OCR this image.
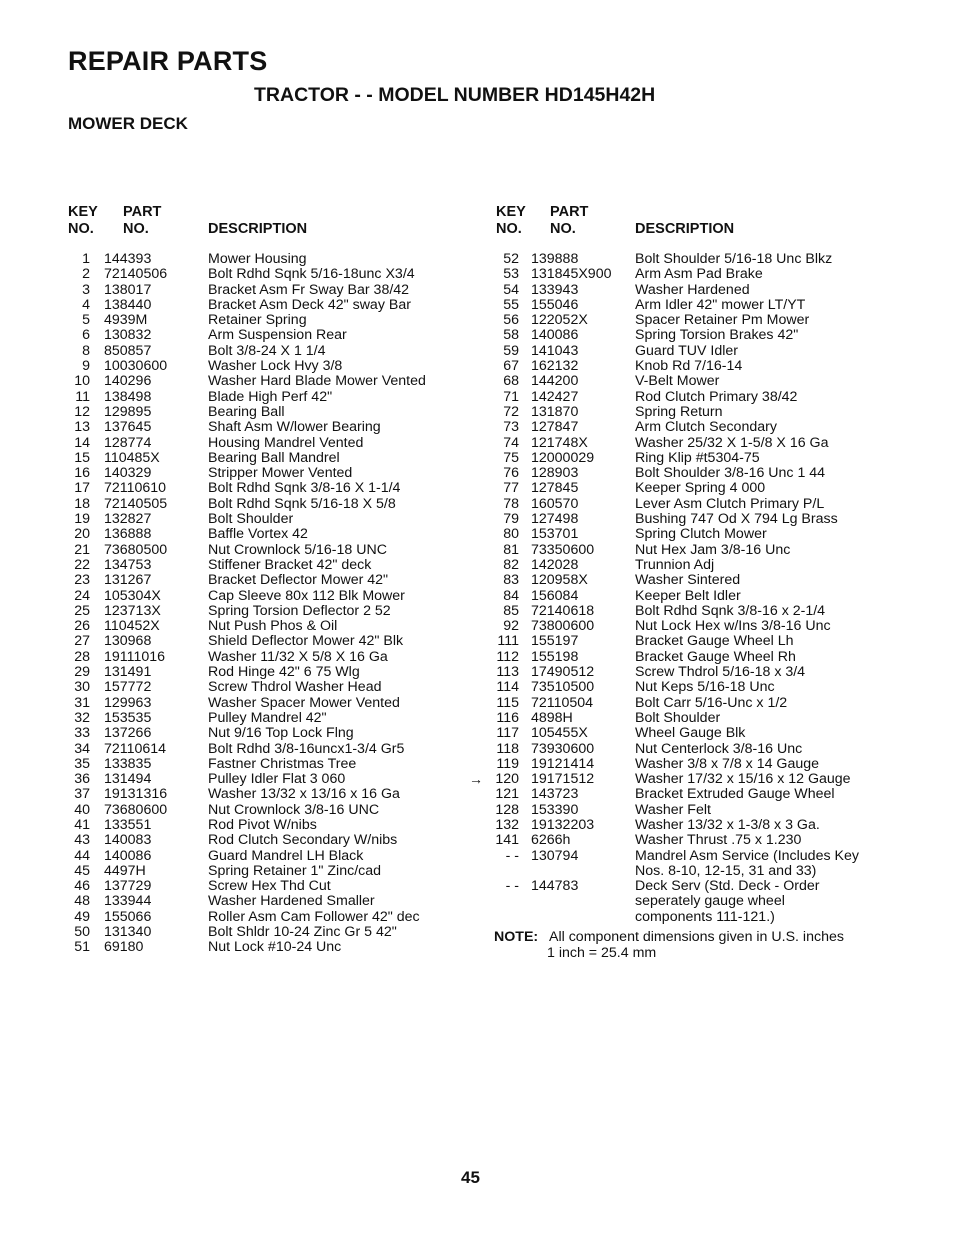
REPAIR PARTS
TRACTOR - - MODEL NUMBER HD145H42H
MOWER DECK
KEY
NO.
PART
NO.	DESCRIPTION
1 144393	Mower Housing
2 72140506	Bolt Rdhd Sqnk 5/16-18unc X3/4
3 138017	Bracket Asm Fr Sway Bar 38/42
4 138440	Bracket Asm Deck 42" sway Bar
5 4939M	Retainer Spring
6 130832	Arm Suspension Rear
8 850857	Bolt 3/8-24 X 1 1/4
9 10030600	Washer Lock Hvy 3/8
10 140296	Washer Hard Blade Mower Vented
11 138498	Blade High Perf 42"
12 129895	Bearing Ball
13 137645	Shaft Asm W/lower Bearing
14 128774	Housing Mandrel Vented
15 110485X	Bearing Ball Mandrel
16 140329	Stripper Mower Vented
17 72110610	Bolt Rdhd Sqnk 3/8-16 X 1-1/4
18 72140505	Bolt Rdhd Sqnk 5/16-18 X 5/8
19 132827	Bolt Shoulder
20 136888	Baffle Vortex 42
21 73680500	Nut Crownlock 5/16-18 UNC
22 134753	Stiffener Bracket 42" deck
23 131267	Bracket Deflector Mower 42"
24 105304X	Cap Sleeve 80x 112 Blk Mower
25 123713X	Spring Torsion Deflector 2 52
26 110452X	Nut Push Phos & Oil
27 130968	Shield Deflector Mower 42" Blk
28 19111016	Washer 11/32 X 5/8 X 16 Ga
29 131491	Rod Hinge 42" 6 75 Wlg
30 157772	Screw Thdrol Washer Head
31 129963	Washer Spacer Mower Vented
32 153535	Pulley Mandrel 42"
33 137266	Nut 9/16 Top Lock Flng
34 72110614	Bolt Rdhd 3/8-16uncx1-3/4 Gr5
35 133835	Fastner Christmas Tree
36 131494	Pulley Idler Flat 3 060
37 19131316	Washer 13/32 x 13/16 x 16 Ga
40 73680600	Nut Crownlock 3/8-16 UNC
41 133551	Rod Pivot W/nibs
43 140083	Rod Clutch Secondary W/nibs
44 140086	Guard Mandrel LH Black
45 4497H	Spring Retainer 1" Zinc/cad
46 137729	Screw Hex Thd Cut
48 133944	Washer Hardened Smaller
49 155066	Roller Asm Cam Follower 42" dec
50 131340	Bolt Shldr 10-24 Zinc Gr 5 42"
51 69180	Nut Lock #10-24 Unc
KEY
NO.
PART
NO.	DESCRIPTION
52 139888	Bolt Shoulder 5/16-18 Unc Blkz
53 131845X900 Arm Asm Pad Brake
54 133943	Washer Hardened
55 155046	Arm Idler 42" mower LT/YT
56 122052X	Spacer Retainer Pm Mower
58 140086	Spring Torsion Brakes 42"
59 141043	Guard TUV Idler
67 162132	Knob Rd 7/16-14
68 144200	V-Belt Mower
71 142427	Rod Clutch Primary 38/42
72 131870	Spring Return
73 127847	Arm Clutch Secondary
74 121748X	Washer 25/32 X 1-5/8 X 16 Ga
75 12000029	Ring Klip #t5304-75
76 128903	Bolt Shoulder 3/8-16 Unc 1 44
77 127845	Keeper Spring 4 000
78 160570	Lever Asm Clutch Primary P/L
79 127498	Bushing 747 Od X 794 Lg Brass
80 153701	Spring Clutch Mower
81 73350600	Nut Hex Jam 3/8-16 Unc
82 142028	Trunnion Adj
83 120958X	Washer Sintered
84 156084	Keeper Belt Idler
85 72140618	Bolt Rdhd Sqnk 3/8-16 x 2-1/4
92 73800600	Nut Lock Hex w/Ins 3/8-16 Unc
111 155197	Bracket Gauge Wheel Lh
112 155198	Bracket Gauge Wheel Rh
113 17490512	Screw Thdrol 5/16-18 x 3/4
114 73510500	Nut Keps 5/16-18 Unc
115 72110504	Bolt Carr 5/16-Unc x 1/2
116 4898H	Bolt Shoulder
117 105455X	Wheel Gauge Blk
118 73930600	Nut Centerlock 3/8-16 Unc
119 19121414	Washer 3/8 x 7/8 x 14 Gauge
→ 120 19171512	Washer 17/32 x 15/16 x 12 Gauge
121 143723	Bracket Extruded Gauge Wheel
128 153390	Washer Felt
132 19132203	Washer 13/32 x 1-3/8 x 3 Ga.
141 6266h	Washer Thrust .75 x 1.230
- - 130794	Mandrel Asm Service (Includes Key
Nos. 8-10, 12-15, 31 and 33)
- - 144783	Deck Serv (Std. Deck - Order
seperately gauge wheel
components 111-121.)
NOTE: All component dimensions given in U.S. inches
1 inch = 25.4 mm
45
